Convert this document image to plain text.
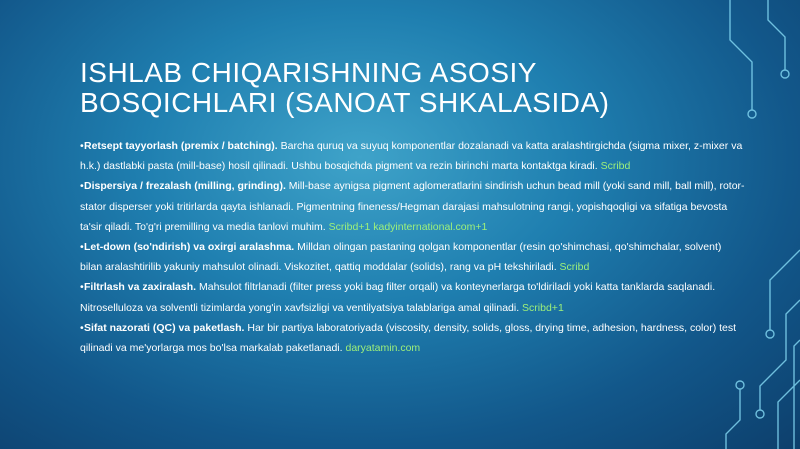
ISHLAB CHIQARISHNING ASOSIY BOSQICHLARI (SANOAT SHKALASIDA)

• Retsept tayyorlash (premix / batching). Barcha quruq va suyuq komponentlar dozalanadi va katta aralashtirgichda (sigma mixer, z-mixer va h.k.) dastlabki pasta (mill-base) hosil qilinadi. Ushbu bosqichda pigment va rezin birinchi marta kontaktga kiradi. Scribd

• Dispersiya / frezalash (milling, grinding). Mill-base aynigsa pigment aglomeratlarini sindirish uchun bead mill (yoki sand mill, ball mill), rotor-stator disperser yoki tritirlarda qayta ishlanadi. Pigmentning fineness/Hegman darajasi mahsulotning rangi, yopishqoqligi va sifatiga bevosta ta'sir qiladi. To'g'ri premilling va media tanlovi muhim. Scribd+1 kadyinternational.com+1

• Let-down (so'ndirish) va oxirgi aralashma. Milldan olingan pastaning qolgan komponentlar (resin qo'shimchasi, qo'shimchalar, solvent) bilan aralashtirilib yakuniy mahsulot olinadi. Viskozitet, qattiq moddalar (solids), rang va pH tekshiriladi. Scribd

• Filtrlash va zaxiralash. Mahsulot filtrlanadi (filter press yoki bag filter orqali) va konteynerlarga to'ldiriladi yoki katta tanklarda saqlanadi. Nitroselluloza va solventli tizimlarda yong'in xavfsizligi va ventilyatsiya talablariga amal qilinadi. Scribd+1

• Sifat nazorati (QC) va paketlash. Har bir partiya laboratoriyada (viscosity, density, solids, gloss, drying time, adhesion, hardness, color) test qilinadi va me'yorlarga mos bo'lsa markalab paketlanadi. daryatamin.com
